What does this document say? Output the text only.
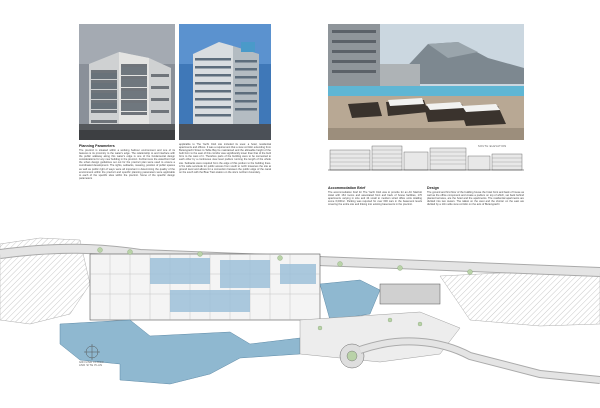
Planning Parameters
The precinct is situated within a working harbour environment and one of its features is its proximity to the water's edge. The relationship to and interface with the public walkway along this water's edge is one of the fundamental design considerations for any new building in the precinct. Furthermore the waterfront had the urban design guidelines set out for the precinct plan were used to ensure a coordinated development. The rights, setbacks, massing, position of public spaces as well as public right of ways were all important in determining the quality of the environment within the precinct and specific planning parameters were applicable to each of the specific sites within the precinct. Some of the specific design parameters
applicable to The Yacht Club site included its uses: a hotel, residential apartments and offices. It was a requirement that a view corridor extending from Buitengracht Street to Table Bay be maintained and the allowable height of the built form to the east of this corridor was significantly lower than that of the built form to the west of it. Therefore parts of the building were to be connected to each other by a continuous view level podium running the length of the whole site. Setbacks were required from the edge of this podium to the building lines. A 5m wide servitude for public access from south to north traverses the site at ground level and allows for a connection between the public edge of the canal on the south with the Blue Train station on the site's northern boundary.
SOUTH ELEVATION
Accommodation Brief
The accommodation brief for The Yacht Club was to provide for an AC Marriott Hotel with 164 rooms and associated front and back of house facilities, 170 apartments varying in size and 44 small to medium sized office units totalling some 6,000m². Parking was required for over 600 cars in the basement levels covering the entire site and linking into existing basements in the precinct.
Design
The ground and first floor of the building house the hotel front and back of house as well as the office component and create a podium on top of which, set back behind planted terraces, are the hotel and the apartments. The residential apartments are divided into two towers. The tallest on the west and the shorter on the east are divided by a 13m wide view corridor on the axis of Buitengracht
GROUND FLOOR
AND SITE PLAN
